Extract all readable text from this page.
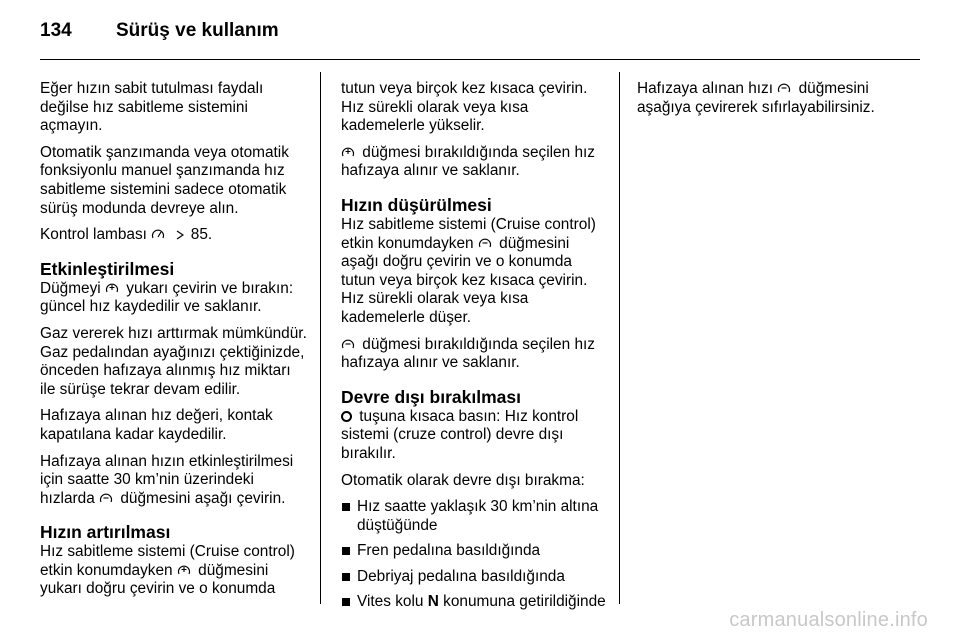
134 Sürüş ve kullanım

Eğer hızın sabit tutulması faydalı değilse hız sabitleme sistemini açmayın.

Otomatik şanzımanda veya otomatik fonksiyonlu manuel şanzımanda hız sabitleme sistemini sadece otomatik sürüş modunda devreye alın.

Kontrol lambası
	85.

Etkinleştirilmesi

Düğmeyi yukarı çevirin ve bırakın: güncel hız kaydedilir ve saklanır.

Gaz vererek hızı arttırmak mümkündür. Gaz pedalından ayağınızı çektiğinizde, önceden hafızaya alınmış hız miktarı ile sürüşe tekrar devam edilir.

Hafızaya alınan hız değeri, kontak kapatılana kadar kaydedilir.

Hafızaya alınan hızın etkinleştirilmesi için saatte 30 km’nin üzerindeki hızlarda düğmesini aşağı çevirin.

Hızın artırılması

Hız sabitleme sistemi (Cruise control) etkin konumdayken düğmesini yukarı doğru çevirin ve o konumda

tutun veya birçok kez kısaca çevirin. Hız sürekli olarak veya kısa kademelerle yükselir.

düğmesi bırakıldığında seçilen hız hafızaya alınır ve saklanır.

Hızın düşürülmesi

Hız sabitleme sistemi (Cruise control) etkin konumdayken düğmesini aşağı doğru çevirin ve o konumda tutun veya birçok kez kısaca çevirin. Hız sürekli olarak veya kısa kademelerle düşer.

düğmesi bırakıldığında seçilen hız hafızaya alınır ve saklanır.

Devre dışı bırakılması

tuşuna kısaca basın: Hız kontrol sistemi (cruze control) devre dışı bırakılır.

Otomatik olarak devre dışı bırakma:

Hız saatte yaklaşık 30 km’nin altına düştüğünde
Fren pedalına basıldığında
Debriyaj pedalına basıldığında
Vites kolu N konumuna getirildiğinde

Hafızaya alınan hızı düğmesini aşağıya çevirerek sıfırlayabilirsiniz.

carmanualsonline.info
